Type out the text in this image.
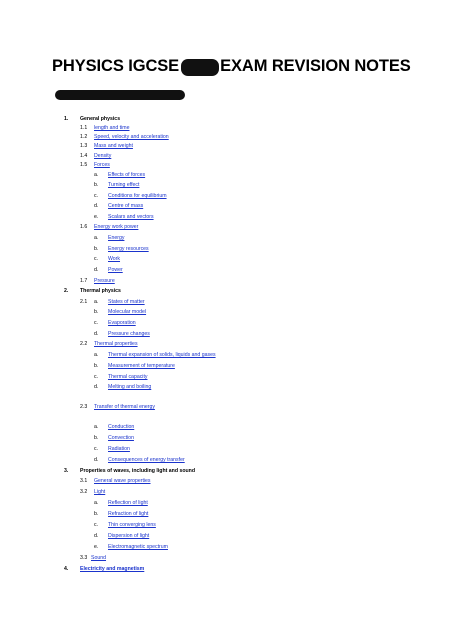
PHYSICS IGCSE EXAM REVISION NOTES
1. General physics
1.1 length and time
1.2 Speed, velocity and acceleration
1.3 Mass and weight
1.4 Density
1.5 Forces
a. Effects of forces
b. Turning effect
c. Conditions for equilibrium
d. Centre of mass
e. Scalars and vectors
1.6 Energy work power
a. Energy
b. Energy resources
c. Work
d. Power
1.7 Pressure
2. Thermal physics
2.1 a. States of matter
b. Molecular model
c. Evaporation
d. Pressure changes
2.2 Thermal properties
a. Thermal expansion of solids, liquids and gases
b. Measurement of temperature
c. Thermal capacity
d. Melting and boiling
2.3 Transfer of thermal energy
a. Conduction
b. Convection
c. Radiation
d. Consequences of energy transfer
3. Properties of waves, including light and sound
3.1 General wave properties
3.2 Light
a. Reflection of light
b. Refraction of light
c. Thin converging lens
d. Dispersion of light
e. Electromagnetic spectrum
3.3 Sound
4. Electricity and magnetism
